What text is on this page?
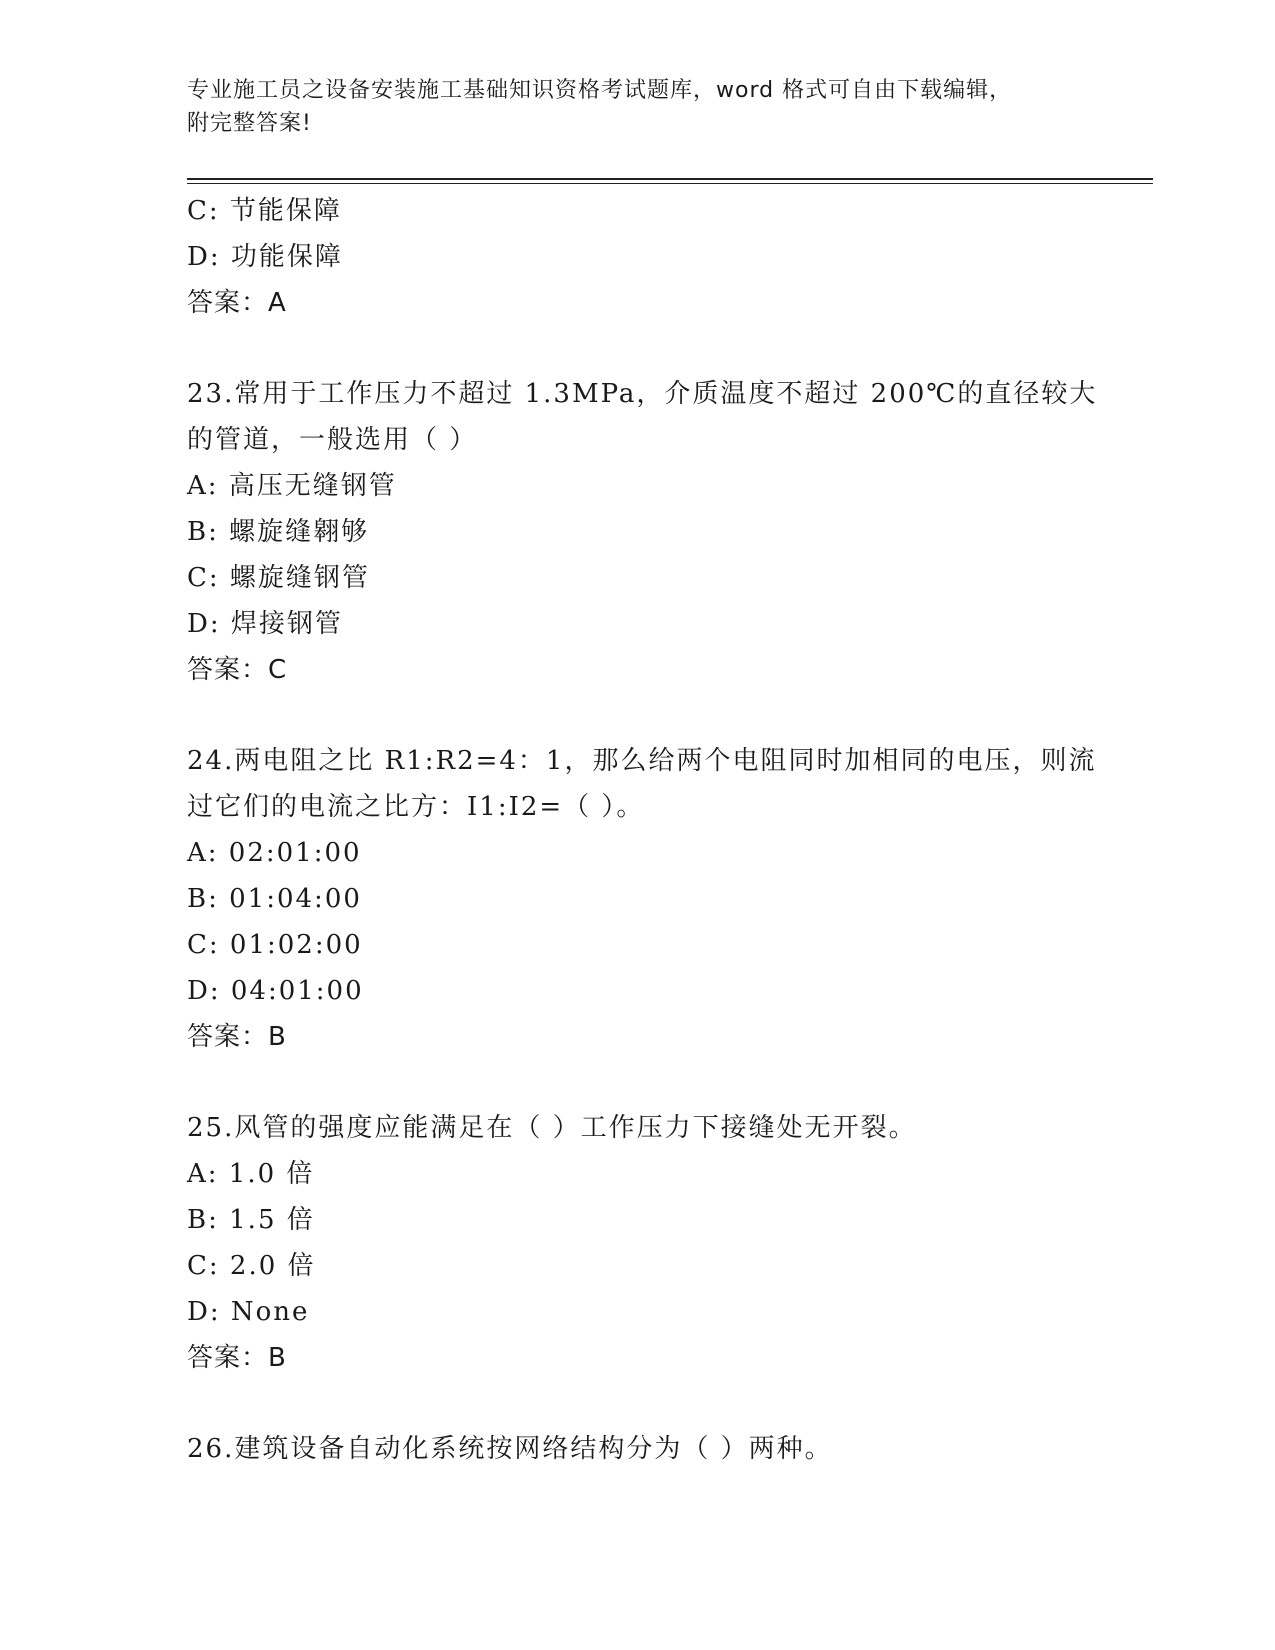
专业施工员之设备安装施工基础知识资格考试题库，word 格式可自由下载编辑，
附完整答案!
C: 节能保障
D: 功能保障
答案：A
23.常用于工作压力不超过 1.3MPa，介质温度不超过 200℃的直径较大
的管道，一般选用（ ）
A: 高压无缝钢管
B: 螺旋缝翱够
C: 螺旋缝钢管
D: 焊接钢管
答案：C
24.两电阻之比 R1:R2=4：1，那么给两个电阻同时加相同的电压，则流
过它们的电流之比方：I1:I2=（ ）。
A: 02:01:00
B: 01:04:00
C: 01:02:00
D: 04:01:00
答案：B
25.风管的强度应能满足在（ ）工作压力下接缝处无开裂。
A: 1.0 倍
B: 1.5 倍
C: 2.0 倍
D: None
答案：B
26.建筑设备自动化系统按网络结构分为（ ）两种。
